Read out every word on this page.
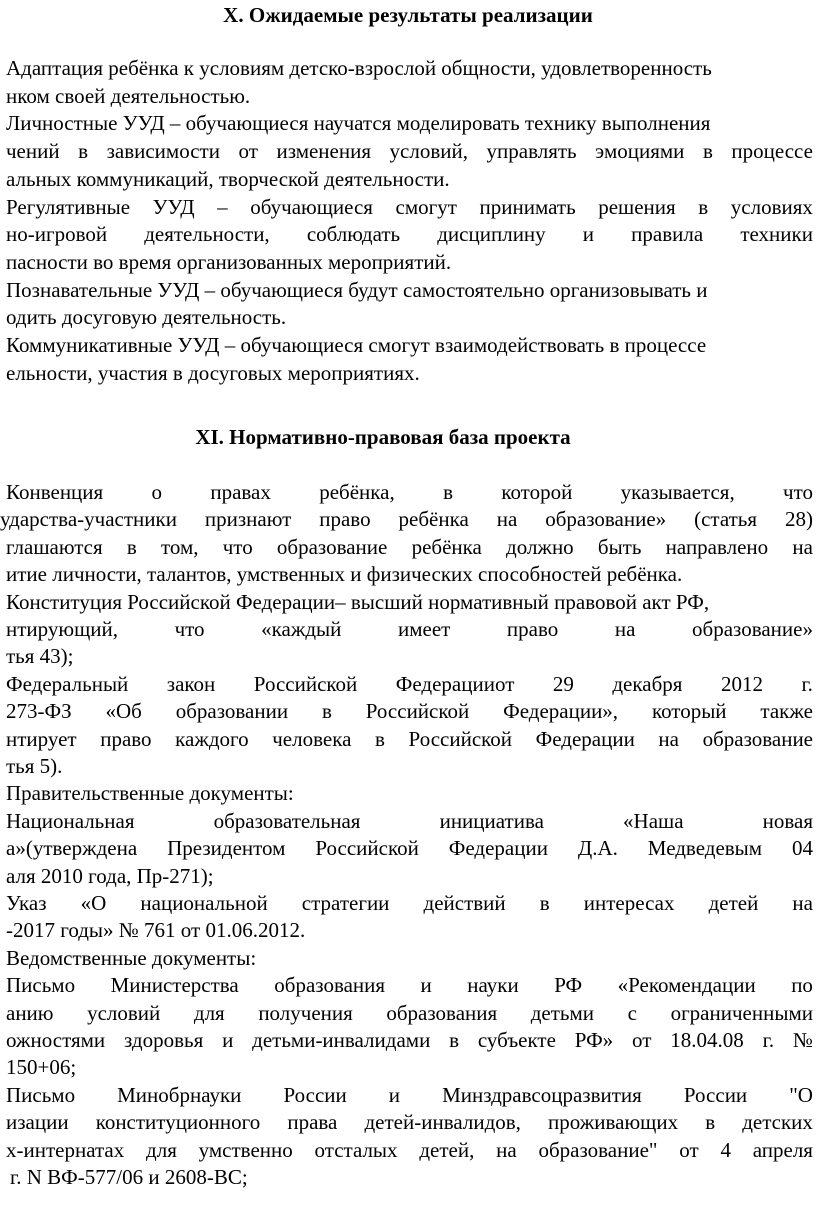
X. Ожидаемые результаты реализации
Адаптация ребёнка к условиям детско-взрослой общности, удовлетворенность
нком своей деятельностью.
Личностные УУД – обучающиеся научатся моделировать технику выполнения
чений в зависимости от изменения условий, управлять эмоциями в процессе
альных коммуникаций, творческой деятельности.
Регулятивные УУД – обучающиеся смогут принимать решения в условиях
но-игровой деятельности, соблюдать дисциплину и правила техники
пасности во время организованных мероприятий.
Познавательные УУД – обучающиеся будут самостоятельно организовывать и
одить досуговую деятельность.
Коммуникативные УУД – обучающиеся смогут взаимодействовать в процессе
ельности, участия в досуговых мероприятиях.
XI. Нормативно-правовая база проекта
Конвенция о правах ребёнка, в которой указывается, что
ударства-участники признают право ребёнка на образование» (статья 28)
глашаются в том, что образование ребёнка должно быть направлено на
итие личности, талантов, умственных и физических способностей ребёнка.
Конституция Российской Федерации– высший нормативный правовой акт РФ,
нтирующий,	что	«каждый	имеет	право	на	образование»
тья 43);
Федеральный закон Российской Федерацииот 29 декабря 2012 г.
273-ФЗ «Об образовании в Российской Федерации», который также
нтирует право каждого человека в Российской Федерации на образование
тья 5).
Правительственные документы:
Национальная	образовательная	инициатива	«Наша	новая
а»(утверждена Президентом Российской Федерации Д.А. Медведевым 04
аля 2010 года, Пр-271);
Указ «О национальной стратегии действий в интересах детей на
-2017 годы» № 761 от 01.06.2012.
Ведомственные документы:
Письмо Министерства образования и науки РФ «Рекомендации по
анию условий для получения образования детьми с ограниченными
ожностями здоровья и детьми-инвалидами в субъекте РФ» от 18.04.08 г. №
150+06;
Письмо Минобрнауки России и Минздравсоцразвития России "О
изации конституционного права детей-инвалидов, проживающих в детских
х-интернатах для умственно отсталых детей, на образование" от 4 апреля
г. N ВФ-577/06 и 2608-ВС;
